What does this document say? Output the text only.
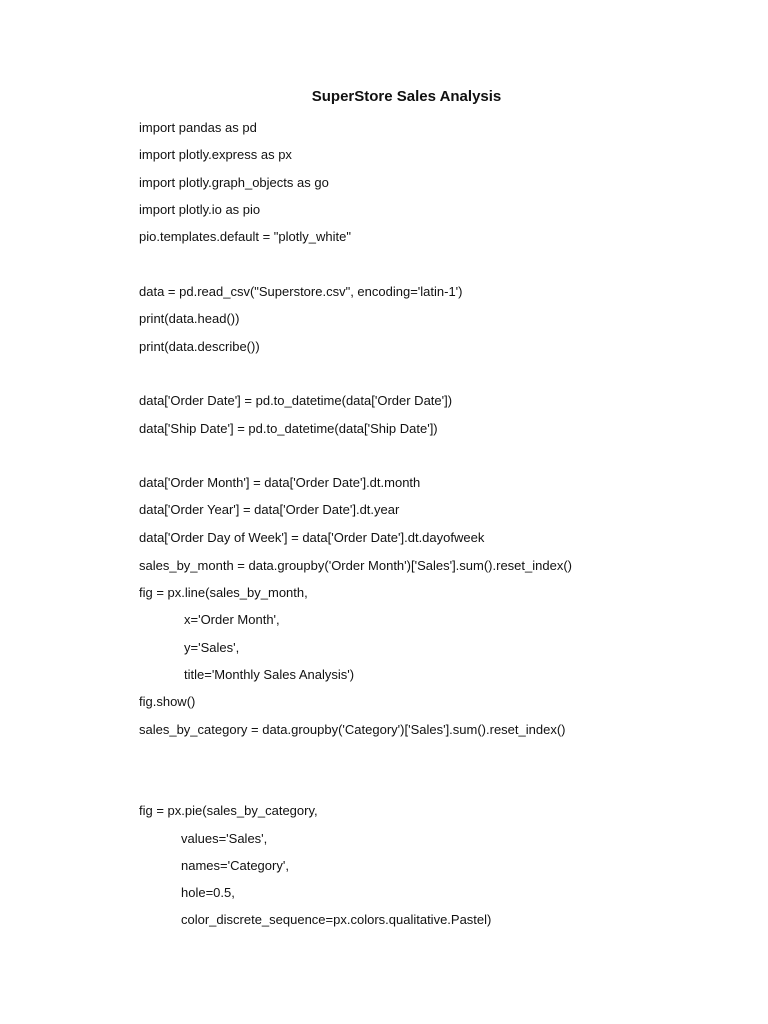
SuperStore Sales Analysis
import pandas as pd
import plotly.express as px
import plotly.graph_objects as go
import plotly.io as pio
pio.templates.default = "plotly_white"
data = pd.read_csv("Superstore.csv", encoding='latin-1')
print(data.head())
print(data.describe())
data['Order Date'] = pd.to_datetime(data['Order Date'])
data['Ship Date'] = pd.to_datetime(data['Ship Date'])
data['Order Month'] = data['Order Date'].dt.month
data['Order Year'] = data['Order Date'].dt.year
data['Order Day of Week'] = data['Order Date'].dt.dayofweek
sales_by_month = data.groupby('Order Month')['Sales'].sum().reset_index()
fig = px.line(sales_by_month,
x='Order Month',
y='Sales',
title='Monthly Sales Analysis')
fig.show()
sales_by_category = data.groupby('Category')['Sales'].sum().reset_index()
fig = px.pie(sales_by_category,
values='Sales',
names='Category',
hole=0.5,
color_discrete_sequence=px.colors.qualitative.Pastel)
